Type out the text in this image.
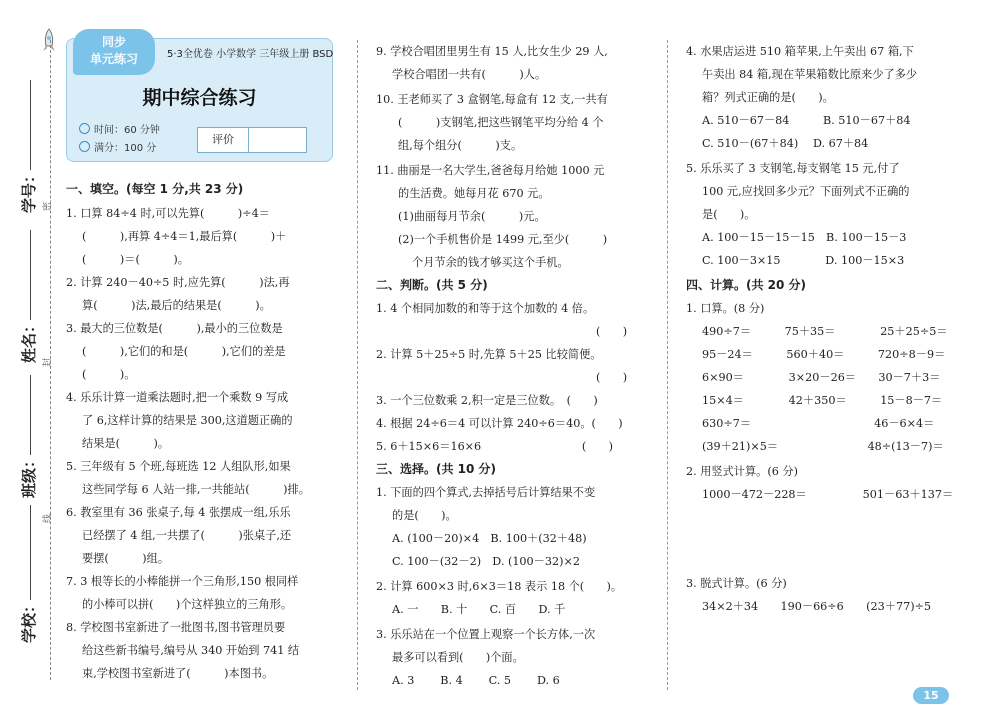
密
封
线
学号：
姓名：
班级：
学校：
同步
单元练习	5·3全优卷 小学数学 三年级上册 BSD
期中综合练习
时间：60 分钟
满分：100 分
评价
一、填空。(每空 1 分,共 23 分)
1. 口算 84÷4 时,可以先算(　　　)÷4＝
(　　　),再算 4÷4＝1,最后算(　　　)＋
(　　　)＝(　　　)。
2. 计算 240－40÷5 时,应先算(　　　)法,再
算(　　　)法,最后的结果是(　　　)。
3. 最大的三位数是(　　　),最小的三位数是
(　　　),它们的和是(　　　),它们的差是
(　　　)。
4. 乐乐计算一道乘法题时,把一个乘数 9 写成
了 6,这样计算的结果是 300,这道题正确的
结果是(　　　)。
5. 三年级有 5 个班,每班选 12 人组队形,如果
这些同学每 6 人站一排,一共能站(　　　)排。
6. 教室里有 36 张桌子,每 4 张摆成一组,乐乐
已经摆了 4 组,一共摆了(　　　)张桌子,还
要摆(　　　)组。
7. 3 根等长的小棒能拼一个三角形,150 根同样
的小棒可以拼(　　)个这样独立的三角形。
8. 学校图书室新进了一批图书,图书管理员要
给这些新书编号,编号从 340 开始到 741 结
束,学校图书室新进了(　　　)本图书。
9. 学校合唱团里男生有 15 人,比女生少 29 人,
学校合唱团一共有(　　　)人。
10. 王老师买了 3 盒钢笔,每盒有 12 支,一共有
(　　　)支钢笔,把这些钢笔平均分给 4 个
组,每个组分(　　　)支。
11. 曲丽是一名大学生,爸爸每月给她 1000 元
的生活费。她每月花 670 元。
(1)曲丽每月节余(　　　)元。
(2)一个手机售价是 1499 元,至少(　　　)
个月节余的钱才够买这个手机。
二、判断。(共 5 分)
1. 4 个相同加数的和等于这个加数的 4 倍。
(　　)
2. 计算 5＋25÷5 时,先算 5＋25 比较简便。
(　　)
3. 一个三位数乘 2,积一定是三位数。　(　　)
4. 根据 24÷6＝4 可以计算 240÷6＝40。(　　)
5. 6＋15×6＝16×6　　　　　　　　　(　　)
三、选择。(共 10 分)
1. 下面的四个算式,去掉括号后计算结果不变
的是(　　)。
A. (100－20)×4　B. 100＋(32＋48)
C. 100－(32－2)　D. (100－32)×2
2. 计算 600×3 时,6×3＝18 表示 18 个(　　)。
A. 一　　B. 十　　C. 百　　D. 千
3. 乐乐站在一个位置上观察一个长方体,一次
最多可以看到(　　)个面。
A. 3　　 B. 4　　 C. 5　　 D. 6
4. 水果店运进 510 箱苹果,上午卖出 67 箱,下
午卖出 84 箱,现在苹果箱数比原来少了多少
箱？列式正确的是(　　)。
A. 510－67－84　　　B. 510－67＋84
C. 510－(67＋84)　 D. 67＋84
5. 乐乐买了 3 支钢笔,每支钢笔 15 元,付了
100 元,应找回多少元？下面列式不正确的
是(　　)。
A. 100－15－15－15　B. 100－15－3
C. 100－3×15　　　　D. 100－15×3
四、计算。(共 20 分)
1. 口算。(8 分)
490÷7＝　　　75＋35＝　　　　25＋25÷5＝
95－24＝　　　560＋40＝　　　720÷8－9＝
6×90＝　　　　3×20－26＝　　30－7＋3＝
15×4＝　　　　42＋350＝　　　15－8－7＝
630÷7＝　　　　　　　　　　　46－6×4＝
(39＋21)×5＝　　　　　　　　48÷(13－7)＝
2. 用竖式计算。(6 分)
1000－472－228＝　　　　　501－63＋137＝
3. 脱式计算。(6 分)
34×2＋34　　190－66÷6　　(23＋77)÷5
15
